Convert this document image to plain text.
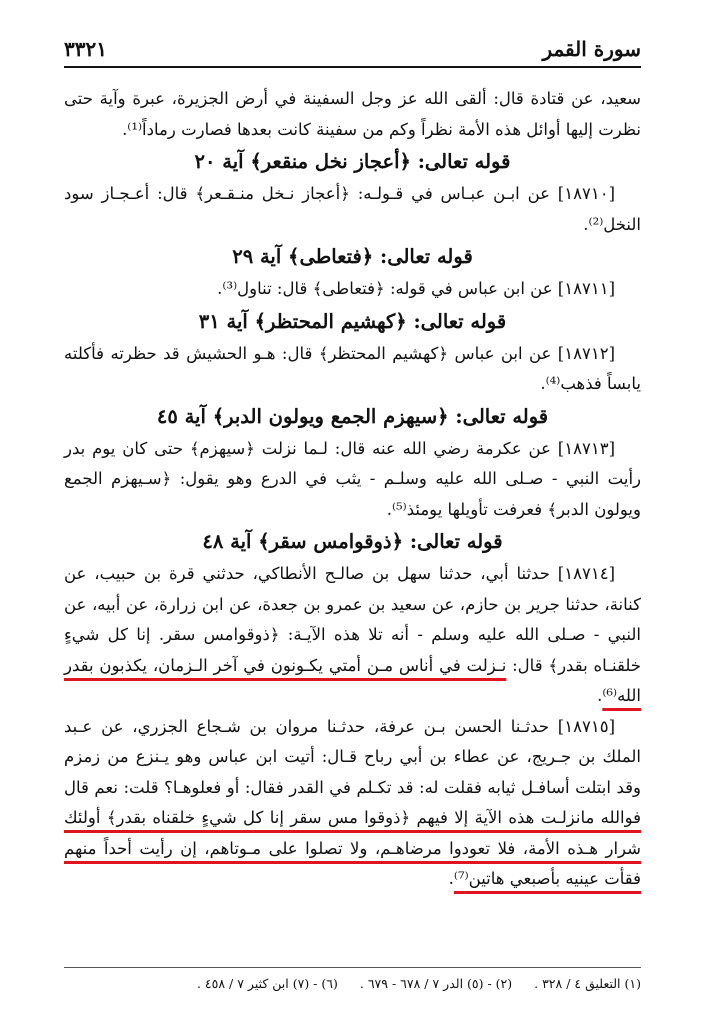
سورة القمر
٣٣٢١

سعيد، عن قتادة قال: ألقى الله عز وجل السفينة في أرض الجزيرة، عبرة وآية حتى نظرت إليها أوائل هذه الأمة نظراً وكم من سفينة كانت بعدها فصارت رماداً⁽¹⁾.

قوله تعالى: ﴿أعجاز نخل منقعر﴾ آية ٢٠

[١٨٧١٠] عن ابـن عبـاس في قـولـه: ﴿أعجاز نـخل منـقـعر﴾ قال: أعـجـاز سود النخل⁽²⁾.

قوله تعالى: ﴿فتعاطى﴾ آية ٢٩

[١٨٧١١] عن ابن عباس في قوله: ﴿فتعاطى﴾ قال: تناول⁽³⁾.

قوله تعالى: ﴿كهشيم المحتظر﴾ آية ٣١

[١٨٧١٢] عن ابن عباس ﴿كهشيم المحتظر﴾ قال: هـو الحشيش قد حظرته فأكلته يابساً فذهب⁽⁴⁾.

قوله تعالى: ﴿سيهزم الجمع ويولون الدبر﴾ آية ٤٥

[١٨٧١٣] عن عكرمة رضي الله عنه قال: لـما نزلت ﴿سيهزم﴾ حتى كان يوم بدر رأيت النبي - صـلى الله عليه وسلـم - يثب في الدرع وهو يقول: ﴿سـيهزم الجمع ويولون الدبر﴾ فعرفت تأويلها يومئذ⁽⁵⁾.

قوله تعالى: ﴿ذوقوامس سقر﴾ آية ٤٨

[١٨٧١٤] حدثنا أبي، حدثنا سهل بن صالـح الأنطاكي، حدثني قرة بن حبيب، عن كنانة، حدثنا جرير بن حازم، عن سعيد بن عمرو بن جعدة، عن ابن زرارة، عن أبيه، عن النبي - صـلى الله عليه وسلم - أنه تلا هذه الآيـة: ﴿ذوقوامس سقر. إنا كل شيءٍ خلقنـاه بقدر﴾ قال: نـزلت في أناس مـن أمتي يكـونون في آخر الـزمان، يكذبون بقدر الله⁽⁶⁾.

[١٨٧١٥] حدثـنا الحسن بـن عرفة، حدثـنا مروان بن شـجاع الجزري، عن عـبد الملك بن جـريج، عن عطاء بن أبي رباح قـال: أتيت ابن عباس وهو يـنزع من زمزم وقد ابتلت أسافـل ثيابه فقلت له: قد تكـلم في القدر فقال: أو فعلوهـا؟ قلت: نعم قال فوالله مانزلـت هذه الآية إلا فيهم ﴿ذوقوا مس سقر إنا كل شيءٍ خلقناه بقدر﴾ أولئك شرار هـذه الأمة، فلا تعودوا مرضاهـم، ولا تصلوا على مـوتاهم، إن رأيت أحداً منهم فقأت عينيه بأصبعي هاتين⁽⁷⁾.

(١) التعليق ٤ / ٣٢٨ . (٢) - (٥) الدر ٧ / ٦٧٨ - ٦٧٩ . (٦) - (٧) ابن كثير ٧ / ٤٥٨ .
